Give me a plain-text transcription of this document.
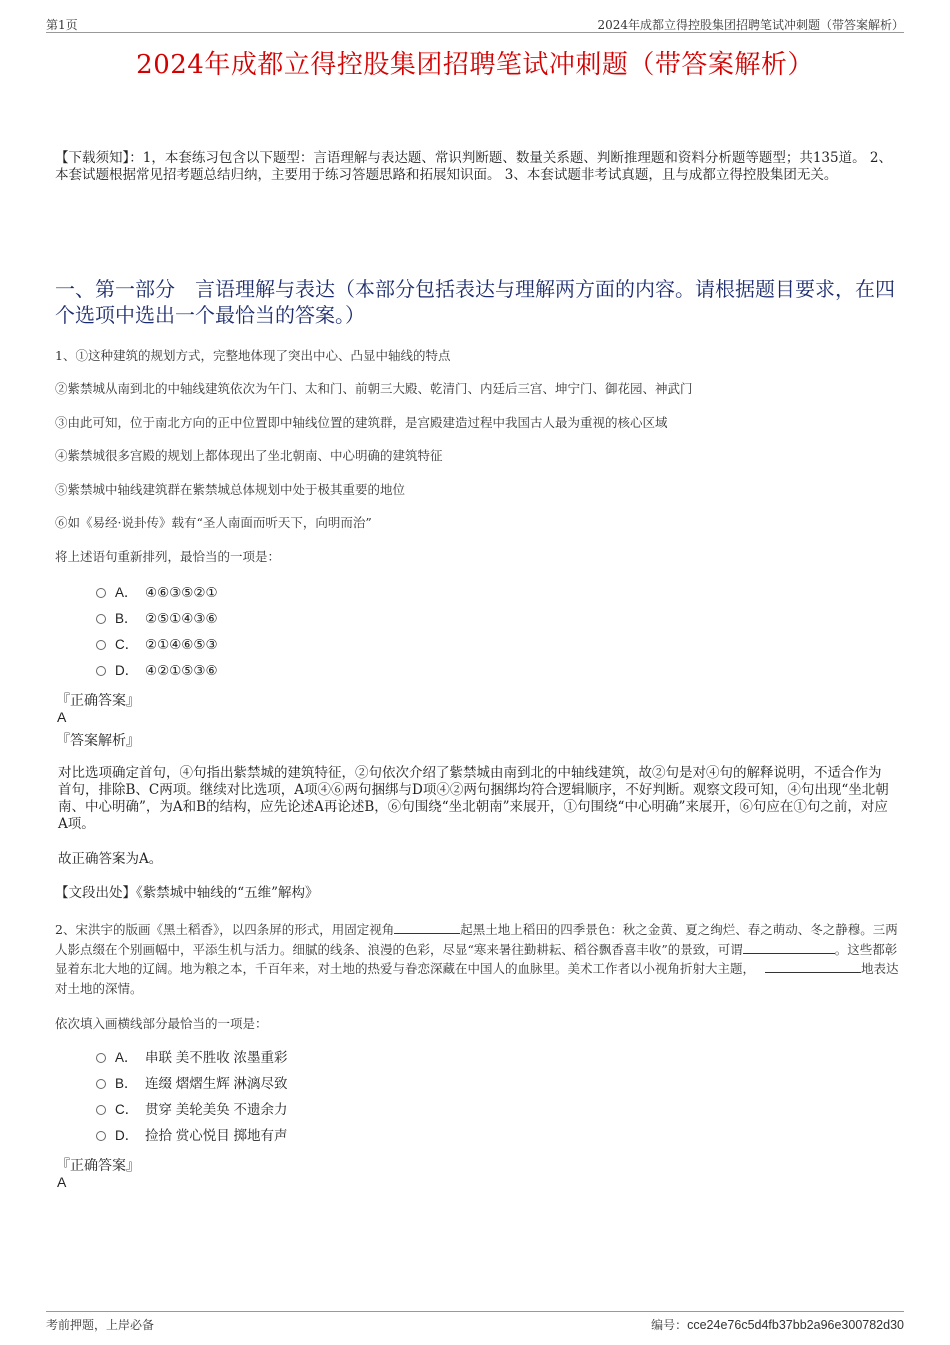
第1页	2024年成都立得控股集团招聘笔试冲刺题（带答案解析）
2024年成都立得控股集团招聘笔试冲刺题（带答案解析）
【下载须知】：1，本套练习包含以下题型：言语理解与表达题、常识判断题、数量关系题、判断推理题和资料分析题等题型；共135道。 2、本套试题根据常见招考题总结归纳，主要用于练习答题思路和拓展知识面。 3、本套试题非考试真题，且与成都立得控股集团无关。
一、第一部分　言语理解与表达（本部分包括表达与理解两方面的内容。请根据题目要求，在四个选项中选出一个最恰当的答案。）
1、①这种建筑的规划方式，完整地体现了突出中心、凸显中轴线的特点
②紫禁城从南到北的中轴线建筑依次为午门、太和门、前朝三大殿、乾清门、内廷后三宫、坤宁门、御花园、神武门
③由此可知，位于南北方向的正中位置即中轴线位置的建筑群，是宫殿建造过程中我国古人最为重视的核心区域
④紫禁城很多宫殿的规划上都体现出了坐北朝南、中心明确的建筑特征
⑤紫禁城中轴线建筑群在紫禁城总体规划中处于极其重要的地位
⑥如《易经·说卦传》载有“圣人南面而听天下，向明而治”
将上述语句重新排列，最恰当的一项是：
A． ④⑥③⑤②①
B． ②⑤①④③⑥
C． ②①④⑥⑤③
D． ④②①⑤③⑥
『正确答案』
A
『答案解析』
对比选项确定首句，④句指出紫禁城的建筑特征，②句依次介绍了紫禁城由南到北的中轴线建筑，故②句是对④句的解释说明，不适合作为首句，排除B、C两项。继续对比选项，A项④⑥两句捆绑与D项④②两句捆绑均符合逻辑顺序，不好判断。观察文段可知，④句出现“坐北朝南、中心明确”，为A和B的结构，应先论述A再论述B，⑥句围绕“坐北朝南”来展开，①句围绕“中心明确”来展开，⑥句应在①句之前，对应A项。
故正确答案为A。
【文段出处】《紫禁城中轴线的“五维”解构》
2、宋洪宇的版画《黑土稻香》，以四条屏的形式，用固定视角	起黑土地上稻田的四季景色：秋之金黄、夏之绚烂、春之萌动、冬之静穆。三两人影点缀在个别画幅中，平添生机与活力。细腻的线条、浪漫的色彩，尽显“寒来暑往勤耕耘、稻谷飘香喜丰收”的景致，可谓	。这些都彰显着东北大地的辽阔。地为粮之本，千百年来，对土地的热爱与眷恋深藏在中国人的血脉里。美术工作者以小视角折射大主题，	地表达对土地的深情。
依次填入画横线部分最恰当的一项是：
A． 串联 美不胜收 浓墨重彩
B． 连缀 熠熠生辉 淋漓尽致
C． 贯穿 美轮美奂 不遗余力
D． 捡拾 赏心悦目 掷地有声
『正确答案』
A
考前押题，上岸必备	编号：cce24e76c5d4fb37bb2a96e300782d30
